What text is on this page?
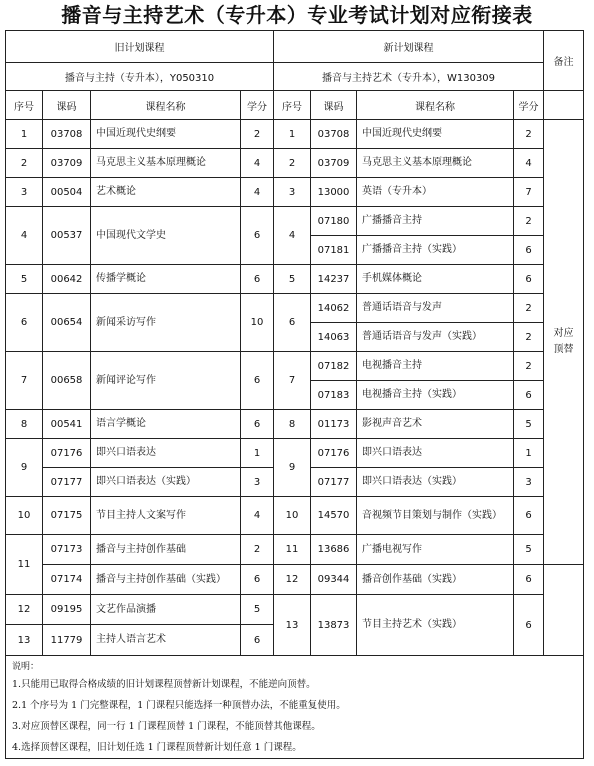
播音与主持艺术（专升本）专业考试计划对应衔接表
旧计划课程				新计划课程				备注	
播音与主持（专升本），Y050310				播音与主持艺术（专升本），W130309					
序号	课码	课程名称	学分	序号	课码	课程名称	学分		
1	03708	中国近现代史纲要	2	1	03708	中国近现代史纲要	2	对应
顶替	

2	03709	马克思主义基本原理概论	4	2	03709	马克思主义基本原理概论	4		
3	00504	艺术概论	4	3	13000	英语（专升本）	7		
4	00537	中国现代文学史	6	4	07180	广播播音主持	2		
					07181	广播播音主持（实践）	6		
5	00642	传播学概论	6	5	14237	手机媒体概论	6		
6	00654	新闻采访写作	10	6	14062	普通话语音与发声	2		
					14063	普通话语音与发声（实践）	2		
7	00658	新闻评论写作	6	7	07182	电视播音主持	2		
					07183	电视播音主持（实践）	6		
8	00541	语言学概论	6	8	01173	影视声音艺术	5		
9	07176	即兴口语表达	1	9	07176	即兴口语表达	1		
	07177	即兴口语表达（实践）	3		07177	即兴口语表达（实践）	3		
10	07175	节目主持人文案写作	4	10	14570	音视频节目策划与制作（实践）	6	

11	07173	播音与主持创作基础	2	11	13686	广播电视写作	5		
	07174	播音与主持创作基础（实践）	6	12	09344	播音创作基础（实践）	6		
12	09195	文艺作品演播	5	13	13873	节目主持艺术（实践）	6		
13	11779	主持人语言艺术	6						

说明：
1.只能用已取得合格成绩的旧计划课程顶替新计划课程，不能逆向顶替。
2.1 个序号为 1 门完整课程，1 门课程只能选择一种顶替办法，不能重复使用。
3.对应顶替区课程，同一行 1 门课程顶替 1 门课程，不能顶替其他课程。
4.选择顶替区课程，旧计划任选 1 门课程顶替新计划任意 1 门课程。									
